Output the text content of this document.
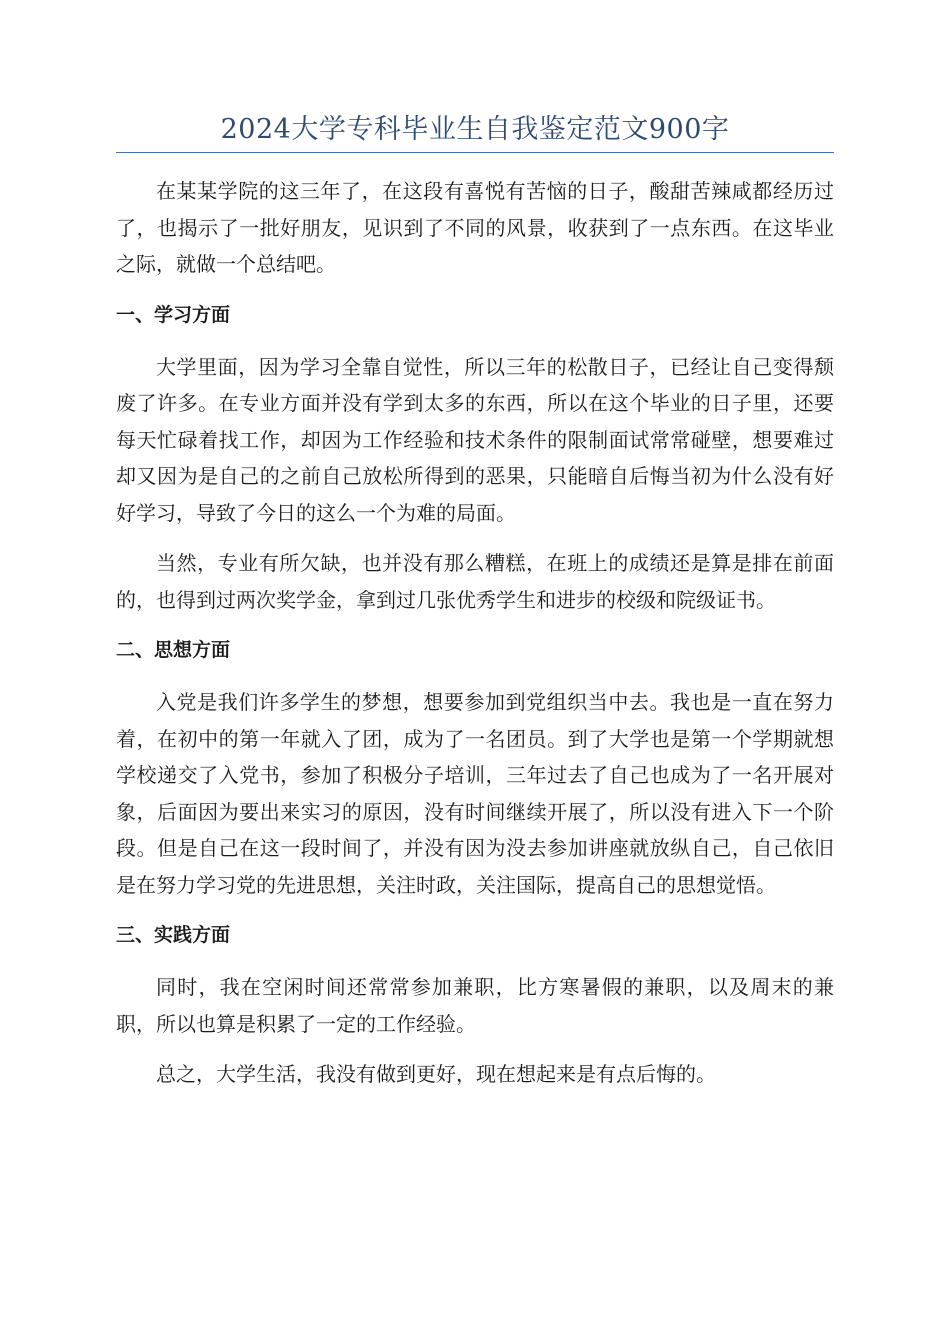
2024大学专科毕业生自我鉴定范文900字

在某某学院的这三年了，在这段有喜悦有苦恼的日子，酸甜苦辣咸都经历过了，也揭示了一批好朋友，见识到了不同的风景，收获到了一点东西。在这毕业之际，就做一个总结吧。

一、学习方面

大学里面，因为学习全靠自觉性，所以三年的松散日子，已经让自己变得颓废了许多。在专业方面并没有学到太多的东西，所以在这个毕业的日子里，还要每天忙碌着找工作，却因为工作经验和技术条件的限制面试常常碰壁，想要难过却又因为是自己的之前自己放松所得到的恶果，只能暗自后悔当初为什么没有好好学习，导致了今日的这么一个为难的局面。

当然，专业有所欠缺，也并没有那么糟糕，在班上的成绩还是算是排在前面的，也得到过两次奖学金，拿到过几张优秀学生和进步的校级和院级证书。

二、思想方面

入党是我们许多学生的梦想，想要参加到党组织当中去。我也是一直在努力着，在初中的第一年就入了团，成为了一名团员。到了大学也是第一个学期就想学校递交了入党书，参加了积极分子培训，三年过去了自己也成为了一名开展对象，后面因为要出来实习的原因，没有时间继续开展了，所以没有进入下一个阶段。但是自己在这一段时间了，并没有因为没去参加讲座就放纵自己，自己依旧是在努力学习党的先进思想，关注时政，关注国际，提高自己的思想觉悟。

三、实践方面

同时，我在空闲时间还常常参加兼职，比方寒暑假的兼职，以及周末的兼职，所以也算是积累了一定的工作经验。

总之，大学生活，我没有做到更好，现在想起来是有点后悔的。
